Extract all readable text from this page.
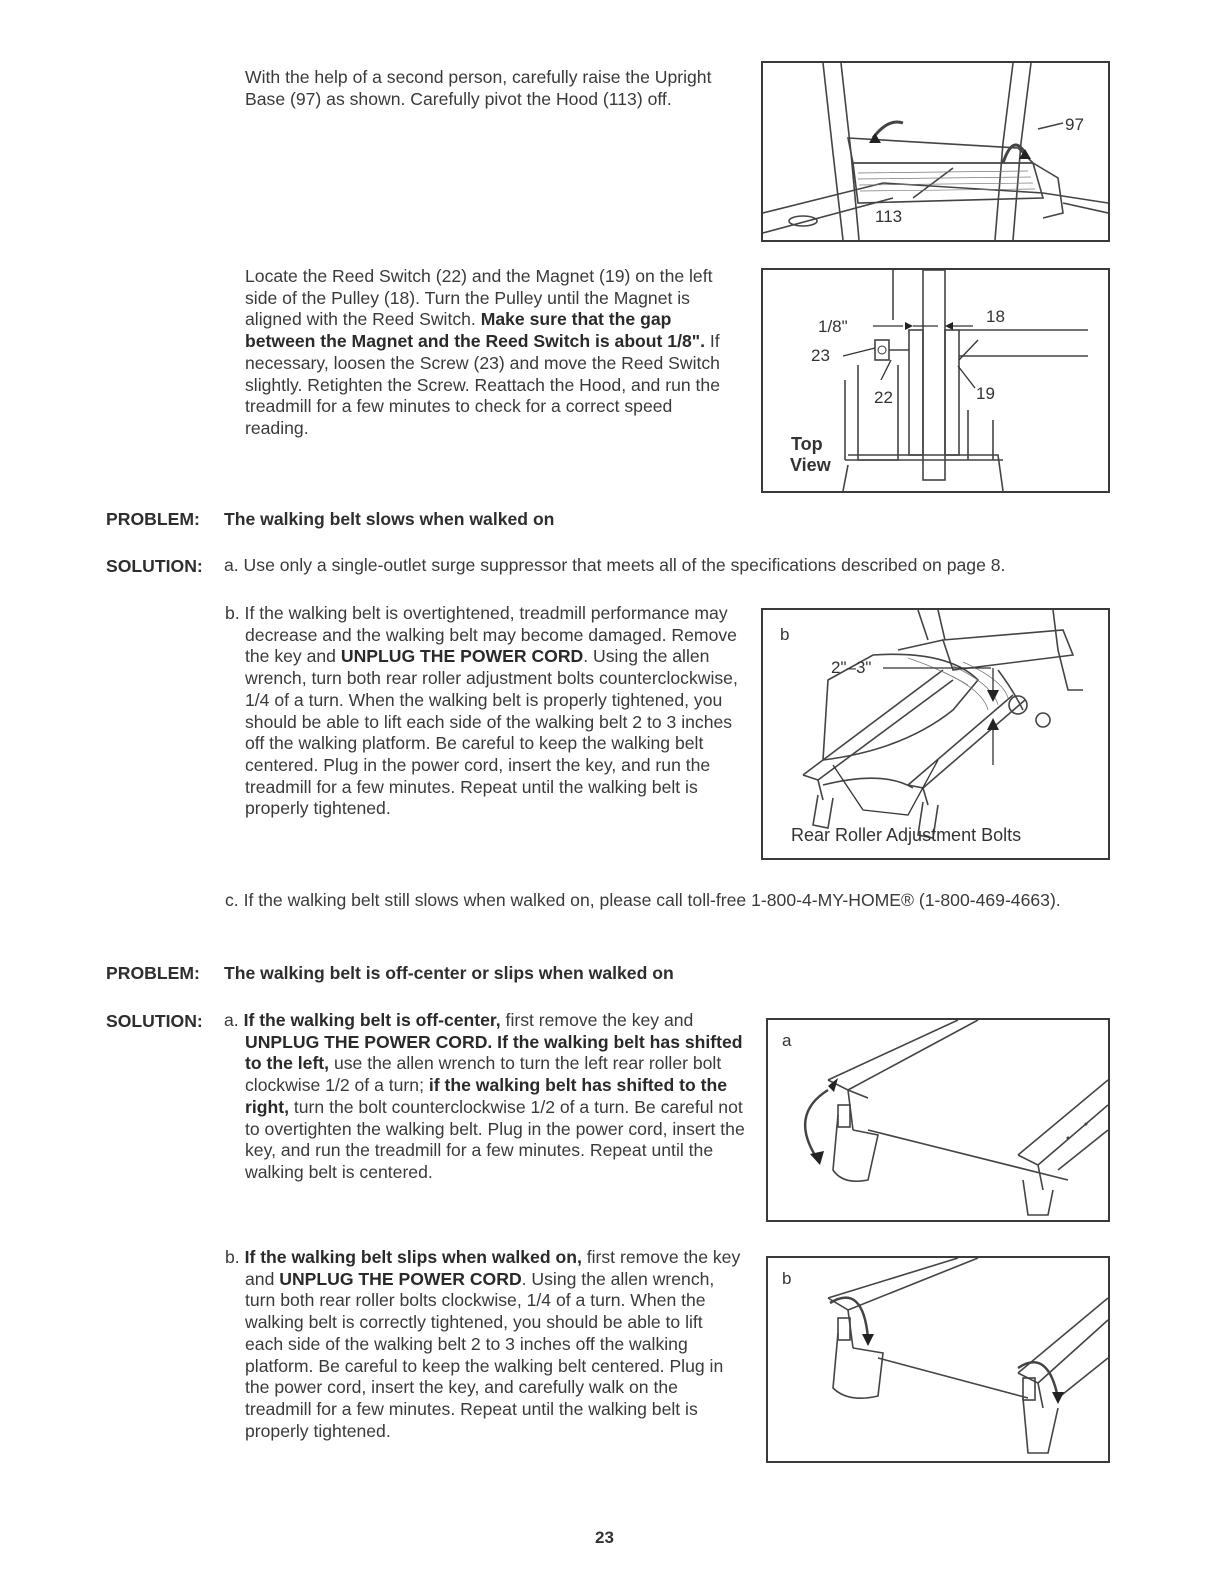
With the help of a second person, carefully raise the Upright Base (97) as shown. Carefully pivot the Hood (113) off.

97
113

Locate the Reed Switch (22) and the Magnet (19) on the left side of the Pulley (18). Turn the Pulley until the Magnet is aligned with the Reed Switch. Make sure that the gap between the Magnet and the Reed Switch is about 1/8". If necessary, loosen the Screw (23) and move the Reed Switch slightly. Retighten the Screw. Reattach the Hood, and run the treadmill for a few minutes to check for a correct speed reading.

1/8"
18
23
22	19
Top
View

PROBLEM: The walking belt slows when walked on

SOLUTION: a. Use only a single-outlet surge suppressor that meets all of the specifications described on page 8.

b. If the walking belt is overtightened, treadmill performance may decrease and the walking belt may become damaged. Remove the key and UNPLUG THE POWER CORD. Using the allen wrench, turn both rear roller adjustment bolts counterclockwise, 1/4 of a turn. When the walking belt is properly tightened, you should be able to lift each side of the walking belt 2 to 3 inches off the walking platform. Be careful to keep the walking belt centered. Plug in the power cord, insert the key, and run the treadmill for a few minutes. Repeat until the walking belt is properly tightened.

b
2"–3"
Rear Roller Adjustment Bolts

c. If the walking belt still slows when walked on, please call toll-free 1-800-4-MY-HOME® (1-800-469-4663).

PROBLEM: The walking belt is off-center or slips when walked on

SOLUTION: a. If the walking belt is off-center, first remove the key and UNPLUG THE POWER CORD. If the walking belt has shifted to the left, use the allen wrench to turn the left rear roller bolt clockwise 1/2 of a turn; if the walking belt has shifted to the right, turn the bolt counterclockwise 1/2 of a turn. Be careful not to overtighten the walking belt. Plug in the power cord, insert the key, and run the treadmill for a few minutes. Repeat until the walking belt is centered.

a

b. If the walking belt slips when walked on, first remove the key and UNPLUG THE POWER CORD. Using the allen wrench, turn both rear roller bolts clockwise, 1/4 of a turn. When the walking belt is correctly tightened, you should be able to lift each side of the walking belt 2 to 3 inches off the walking platform. Be careful to keep the walking belt centered. Plug in the power cord, insert the key, and carefully walk on the treadmill for a few minutes. Repeat until the walking belt is properly tightened.

b
23
